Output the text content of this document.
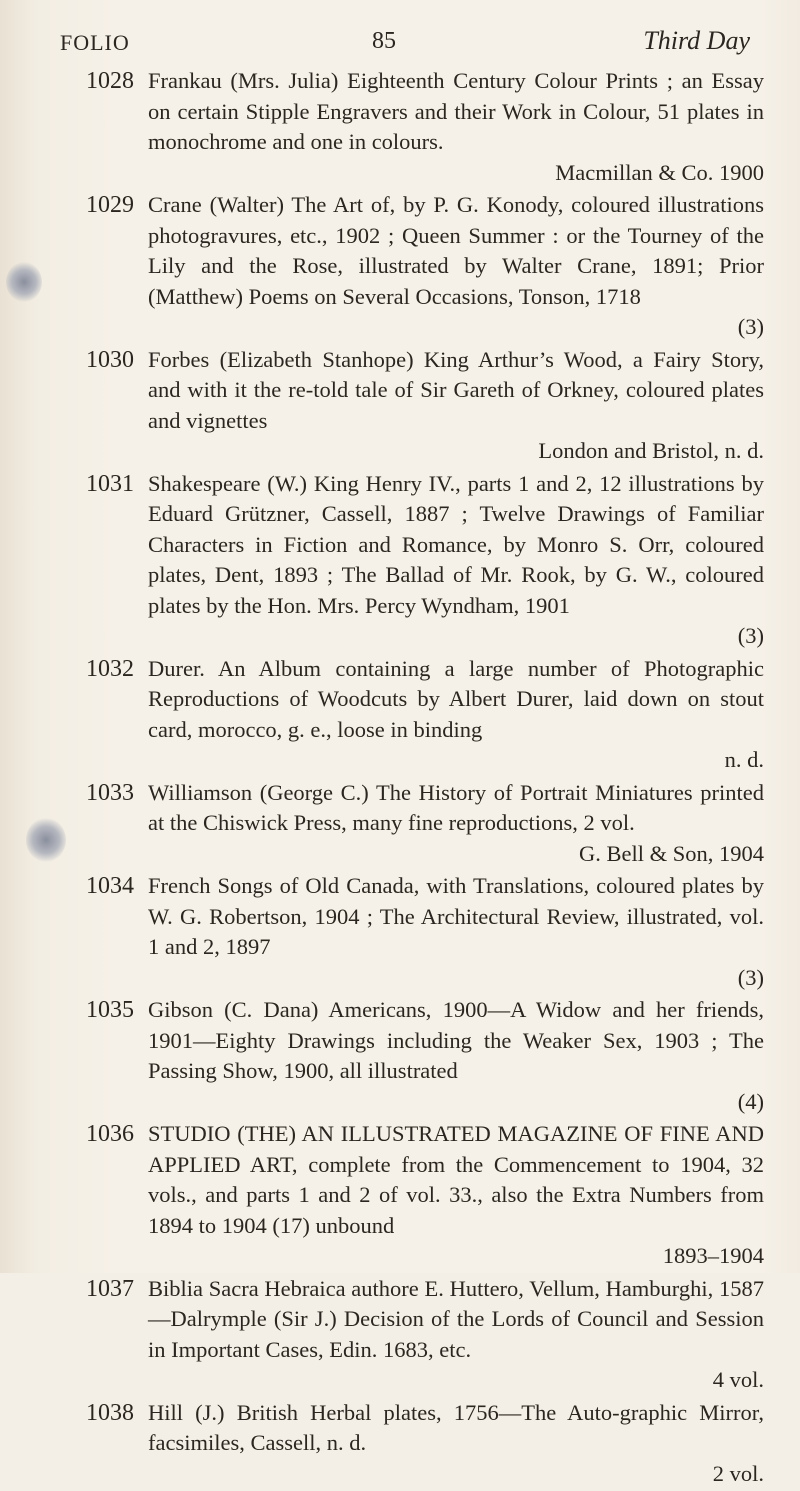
FOLIO	85	Third Day
1028 Frankau (Mrs. Julia) Eighteenth Century Colour Prints ; an Essay on certain Stipple Engravers and their Work in Colour, 51 plates in monochrome and one in colours.
Macmillan & Co. 1900
1029 Crane (Walter) The Art of, by P. G. Konody, coloured illustrations photogravures, etc., 1902 ; Queen Summer : or the Tourney of the Lily and the Rose, illustrated by Walter Crane, 1891; Prior (Matthew) Poems on Several Occasions, Tonson, 1718
(3)
1030 Forbes (Elizabeth Stanhope) King Arthur’s Wood, a Fairy Story, and with it the re-told tale of Sir Gareth of Orkney, coloured plates and vignettes
London and Bristol, n. d.
1031 Shakespeare (W.) King Henry IV., parts 1 and 2, 12 illustrations by Eduard Grützner, Cassell, 1887 ; Twelve Drawings of Familiar Characters in Fiction and Romance, by Monro S. Orr, coloured plates, Dent, 1893 ; The Ballad of Mr. Rook, by G. W., coloured plates by the Hon. Mrs. Percy Wyndham, 1901
(3)
1032 Durer. An Album containing a large number of Photographic Reproductions of Woodcuts by Albert Durer, laid down on stout card, morocco, g. e., loose in binding
n. d.
1033 Williamson (George C.) The History of Portrait Miniatures printed at the Chiswick Press, many fine reproductions, 2 vol.
G. Bell & Son, 1904
1034 French Songs of Old Canada, with Translations, coloured plates by W. G. Robertson, 1904 ; The Architectural Review, illustrated, vol. 1 and 2, 1897
(3)
1035 Gibson (C. Dana) Americans, 1900—A Widow and her friends, 1901—Eighty Drawings including the Weaker Sex, 1903 ; The Passing Show, 1900, all illustrated
(4)
1036 STUDIO (THE) AN ILLUSTRATED MAGAZINE OF FINE AND APPLIED ART, complete from the Commencement to 1904, 32 vols., and parts 1 and 2 of vol. 33., also the Extra Numbers from 1894 to 1904 (17) unbound
1893–1904
1037 Biblia Sacra Hebraica authore E. Huttero, Vellum, Hamburghi, 1587—Dalrymple (Sir J.) Decision of the Lords of Council and Session in Important Cases, Edin. 1683, etc.
4 vol.
1038 Hill (J.) British Herbal plates, 1756—The Auto-graphic Mirror, facsimiles, Cassell, n. d.
2 vol.
